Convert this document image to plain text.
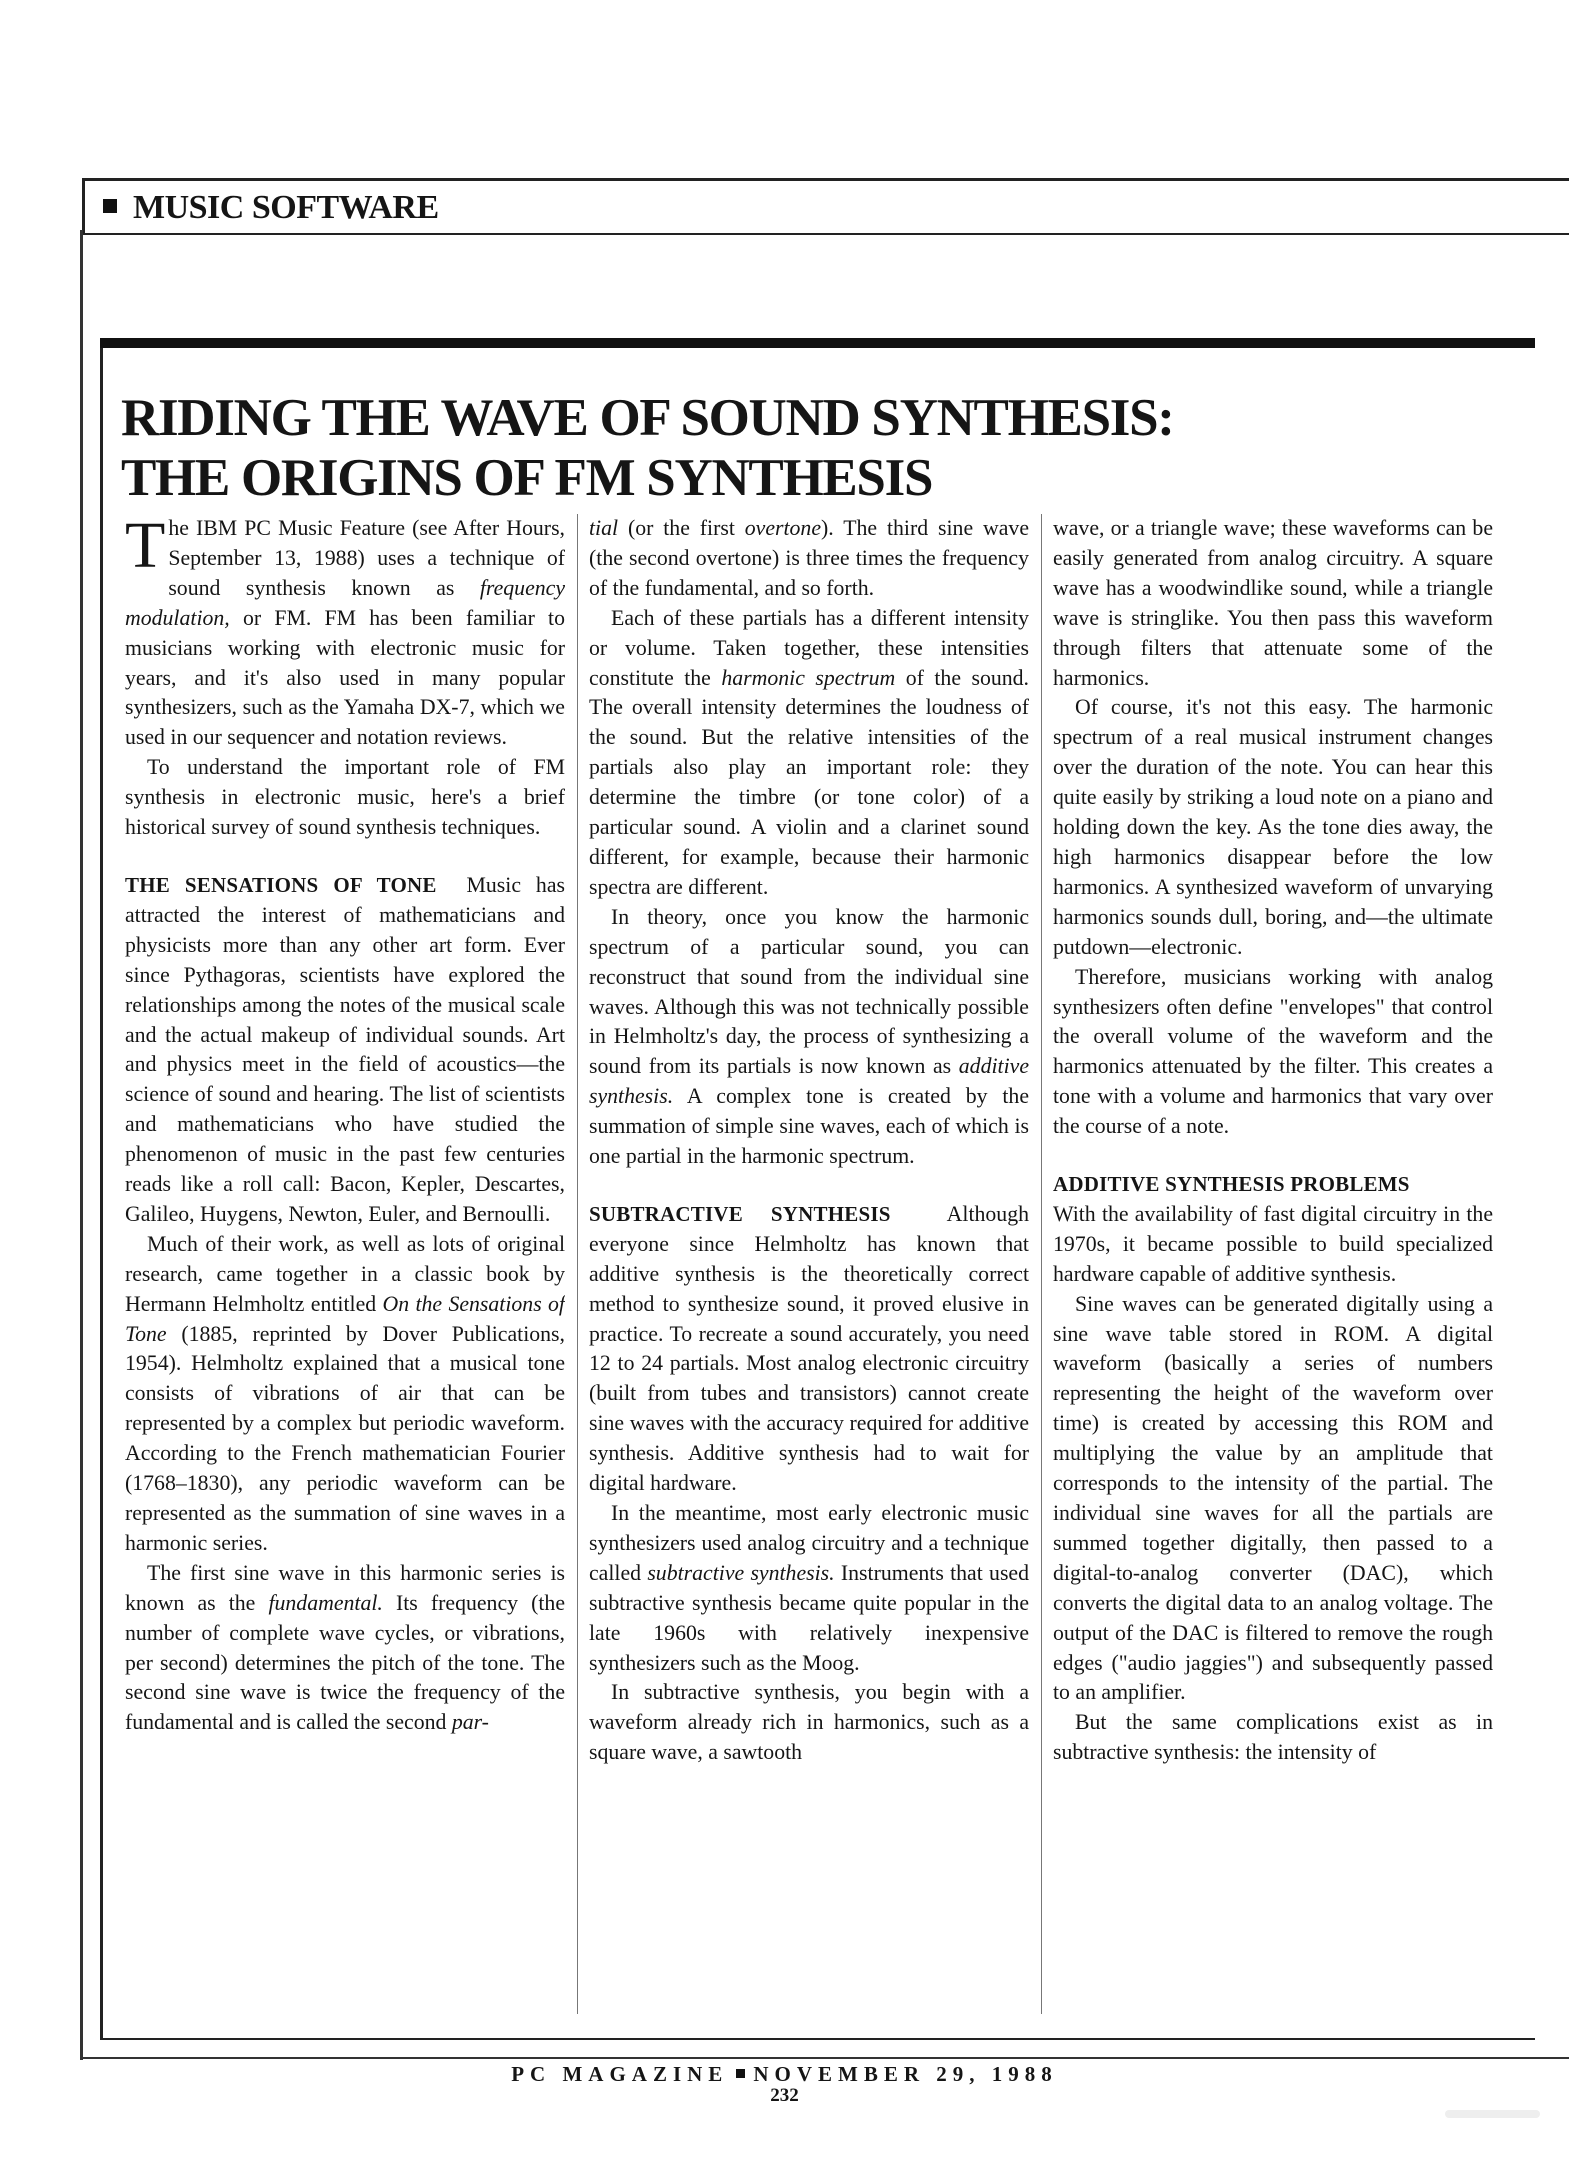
MUSIC SOFTWARE
RIDING THE WAVE OF SOUND SYNTHESIS:
THE ORIGINS OF FM SYNTHESIS

The IBM PC Music Feature (see After Hours, September 13, 1988) uses a technique of sound synthesis known as frequency modulation, or FM. FM has been familiar to musicians working with electronic music for years, and it's also used in many popular synthesizers, such as the Yamaha DX-7, which we used in our sequencer and notation reviews.

To understand the important role of FM synthesis in electronic music, here's a brief historical survey of sound synthesis techniques.

THE SENSATIONS OF TONE Music has attracted the interest of mathematicians and physicists more than any other art form. Ever since Pythagoras, scientists have explored the relationships among the notes of the musical scale and the actual makeup of individual sounds. Art and physics meet in the field of acoustics—the science of sound and hearing. The list of scientists and mathematicians who have studied the phenomenon of music in the past few centuries reads like a roll call: Bacon, Kepler, Descartes, Galileo, Huygens, Newton, Euler, and Bernoulli.

Much of their work, as well as lots of original research, came together in a classic book by Hermann Helmholtz entitled On the Sensations of Tone (1885, reprinted by Dover Publications, 1954). Helmholtz explained that a musical tone consists of vibrations of air that can be represented by a complex but periodic waveform. According to the French mathematician Fourier (1768–1830), any periodic waveform can be represented as the summation of sine waves in a harmonic series.

The first sine wave in this harmonic series is known as the fundamental. Its frequency (the number of complete wave cycles, or vibrations, per second) determines the pitch of the tone. The second sine wave is twice the frequency of the fundamental and is called the second par-

tial (or the first overtone). The third sine wave (the second overtone) is three times the frequency of the fundamental, and so forth.

Each of these partials has a different intensity or volume. Taken together, these intensities constitute the harmonic spectrum of the sound. The overall intensity determines the loudness of the sound. But the relative intensities of the partials also play an important role: they determine the timbre (or tone color) of a particular sound. A violin and a clarinet sound different, for example, because their harmonic spectra are different.

In theory, once you know the harmonic spectrum of a particular sound, you can reconstruct that sound from the individual sine waves. Although this was not technically possible in Helmholtz's day, the process of synthesizing a sound from its partials is now known as additive synthesis. A complex tone is created by the summation of simple sine waves, each of which is one partial in the harmonic spectrum.

SUBTRACTIVE SYNTHESIS	Although everyone since Helmholtz has known that additive synthesis is the theoretically correct method to synthesize sound, it proved elusive in practice. To recreate a sound accurately, you need 12 to 24 partials. Most analog electronic circuitry (built from tubes and transistors) cannot create sine waves with the accuracy required for additive synthesis. Additive synthesis had to wait for digital hardware.

In the meantime, most early electronic music synthesizers used analog circuitry and a technique called subtractive synthesis. Instruments that used subtractive synthesis became quite popular in the late 1960s with relatively inexpensive synthesizers such as the Moog.

In subtractive synthesis, you begin with a waveform already rich in harmonics, such as a square wave, a sawtooth

wave, or a triangle wave; these waveforms can be easily generated from analog circuitry. A square wave has a woodwindlike sound, while a triangle wave is stringlike. You then pass this waveform through filters that attenuate some of the harmonics.

Of course, it's not this easy. The harmonic spectrum of a real musical instrument changes over the duration of the note. You can hear this quite easily by striking a loud note on a piano and holding down the key. As the tone dies away, the high harmonics disappear before the low harmonics. A synthesized waveform of unvarying harmonics sounds dull, boring, and—the ultimate putdown—electronic.

Therefore, musicians working with analog synthesizers often define "envelopes" that control the overall volume of the waveform and the harmonics attenuated by the filter. This creates a tone with a volume and harmonics that vary over the course of a note.

ADDITIVE SYNTHESIS PROBLEMS
With the availability of fast digital circuitry in the 1970s, it became possible to build specialized hardware capable of additive synthesis.

Sine waves can be generated digitally using a sine wave table stored in ROM. A digital waveform (basically a series of numbers representing the height of the waveform over time) is created by accessing this ROM and multiplying the value by an amplitude that corresponds to the intensity of the partial. The individual sine waves for all the partials are summed together digitally, then passed to a digital-to-analog converter (DAC), which converts the digital data to an analog voltage. The output of the DAC is filtered to remove the rough edges ("audio jaggies") and subsequently passed to an amplifier.

But the same complications exist as in subtractive synthesis: the intensity of

PC MAGAZINE NOVEMBER 29, 1988
232
